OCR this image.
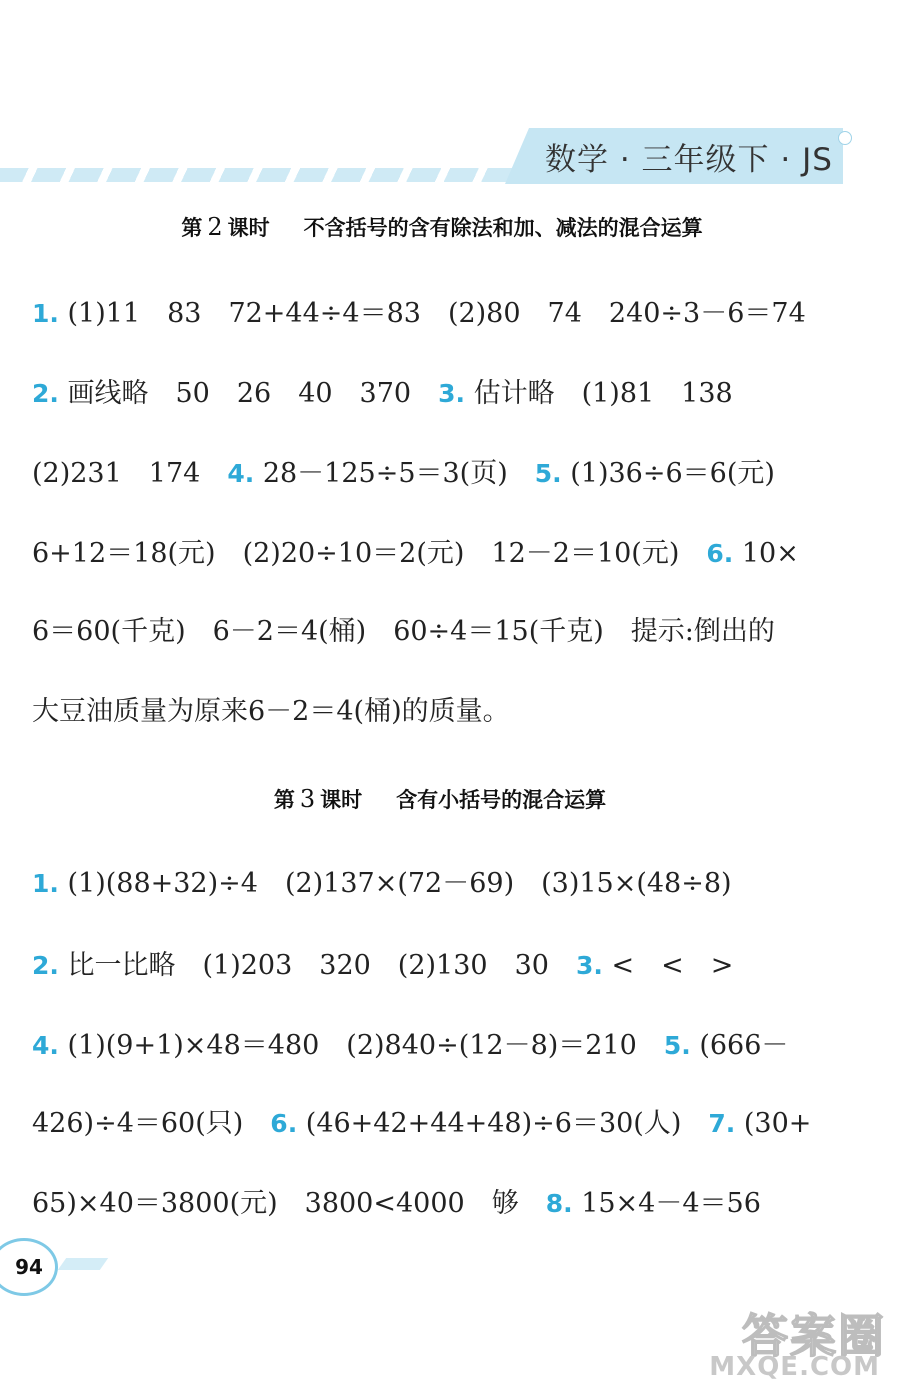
数学 · 三年级下 · JS
第 2 课时 不含括号的含有除法和加、减法的混合运算
1. (1)11　83　72+44÷4＝83　(2)80　74　240÷3－6＝74
2. 画线略　50　26　40　370　3. 估计略　(1)81　138
(2)231　174　4. 28－125÷5＝3(页)　5. (1)36÷6＝6(元)
6+12＝18(元)　(2)20÷10＝2(元)　12－2＝10(元)　6. 10×
6＝60(千克)　6－2＝4(桶)　60÷4＝15(千克)　提示:倒出的
大豆油质量为原来6－2＝4(桶)的质量。
第 3 课时 含有小括号的混合运算
1. (1)(88+32)÷4　(2)137×(72－69)　(3)15×(48÷8)
2. 比一比略　(1)203　320　(2)130　30　3. <　<　>
4. (1)(9+1)×48＝480　(2)840÷(12－8)＝210　5. (666－
426)÷4＝60(只)　6. (46+42+44+48)÷6＝30(人)　7. (30+
65)×40＝3800(元)　3800<4000　够　8. 15×4－4＝56
94
答案圈
MXQE.COM
